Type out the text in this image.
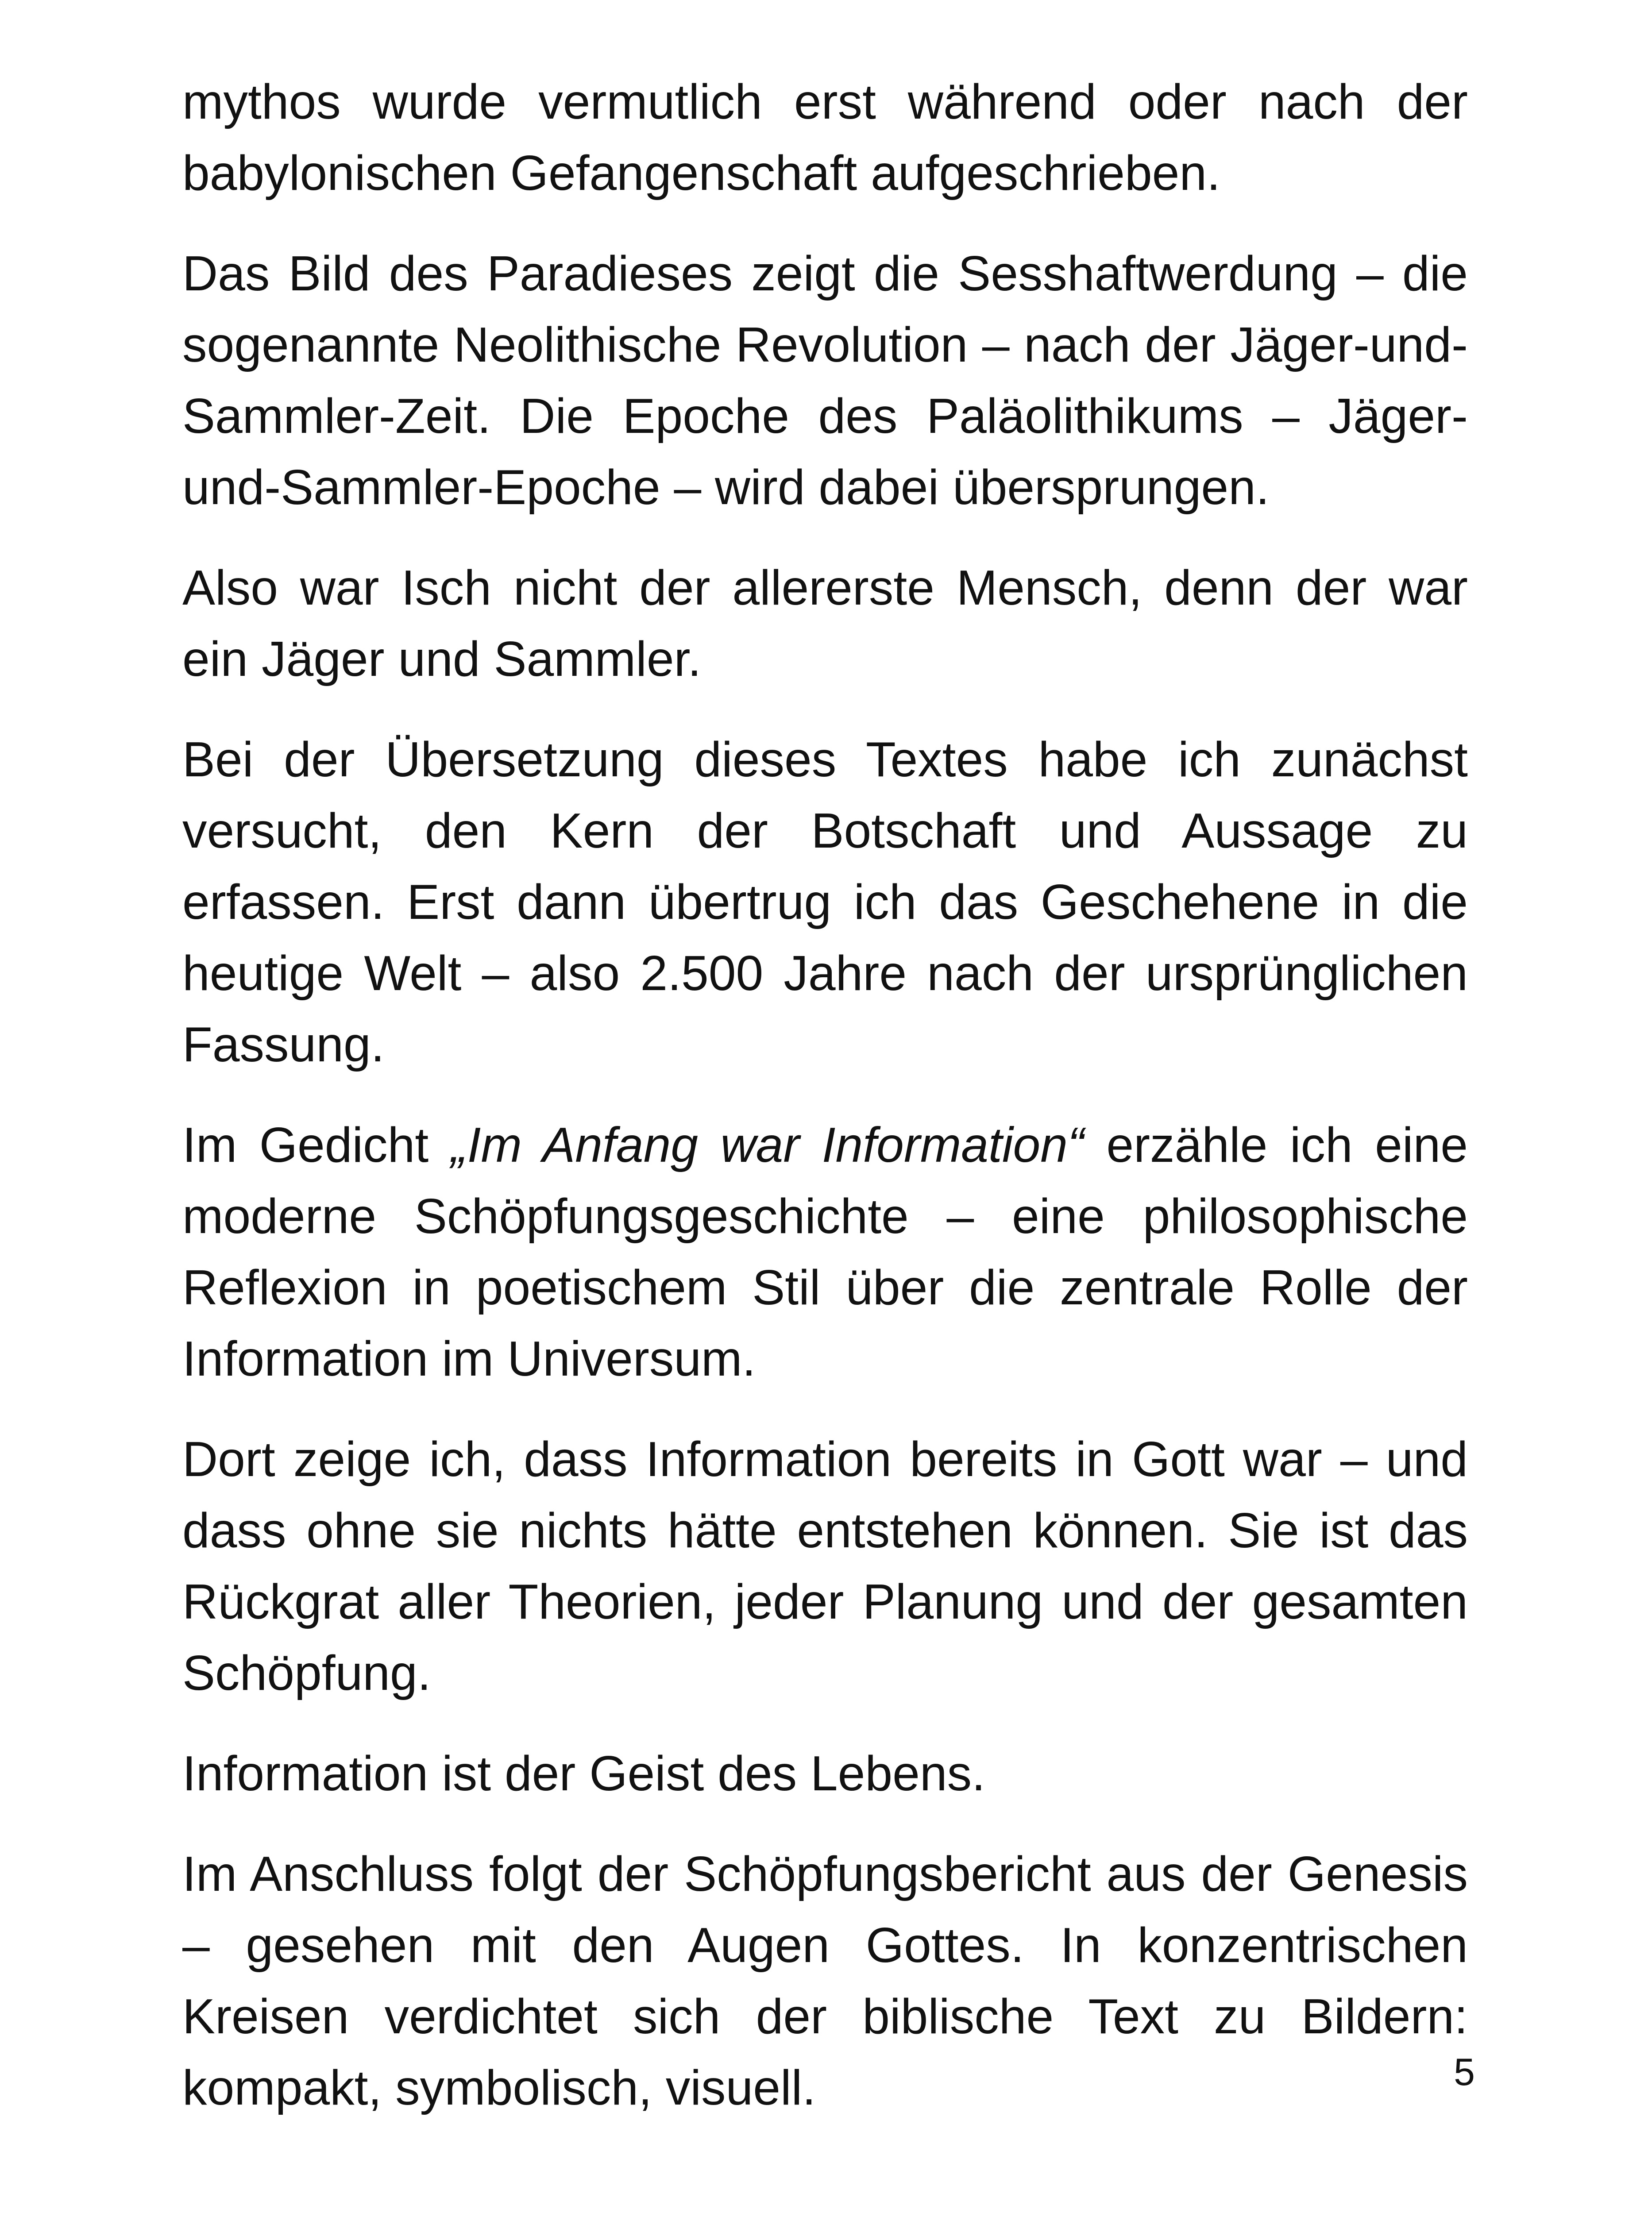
mythos wurde vermutlich erst während oder nach der babylonischen Gefangenschaft aufgeschrieben.

Das Bild des Paradieses zeigt die Sesshaftwerdung – die sogenannte Neolithische Revolution – nach der Jäger-und-Sammler-Zeit. Die Epoche des Paläolithikums – Jäger-und-Sammler-Epoche – wird dabei übersprungen.

Also war Isch nicht der allererste Mensch, denn der war ein Jäger und Sammler.

Bei der Übersetzung dieses Textes habe ich zunächst versucht, den Kern der Botschaft und Aussage zu erfassen. Erst dann übertrug ich das Geschehene in die heutige Welt – also 2.500 Jahre nach der ursprünglichen Fassung.

Im Gedicht „Im Anfang war Information“ erzähle ich eine moderne Schöpfungsgeschichte – eine philosophische Reflexion in poetischem Stil über die zentrale Rolle der Information im Universum.

Dort zeige ich, dass Information bereits in Gott war – und dass ohne sie nichts hätte entstehen können. Sie ist das Rückgrat aller Theorien, jeder Planung und der gesamten Schöpfung.

Information ist der Geist des Lebens.

Im Anschluss folgt der Schöpfungsbericht aus der Genesis – gesehen mit den Augen Gottes. In konzentrischen Kreisen verdichtet sich der biblische Text zu Bildern: kompakt, symbolisch, visuell.	5
